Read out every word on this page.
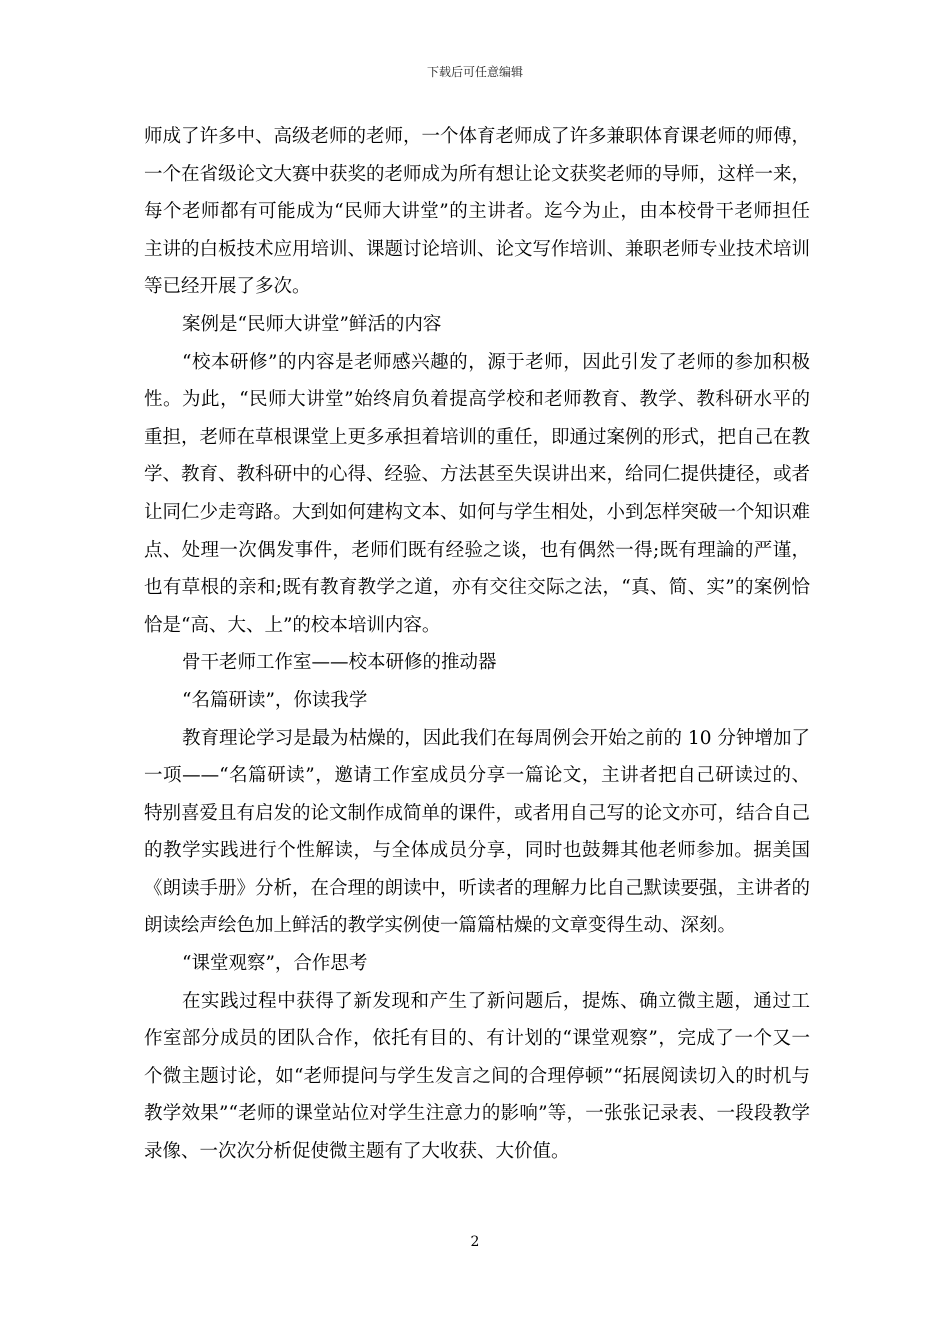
下载后可任意编辑

师成了许多中、高级老师的老师，一个体育老师成了许多兼职体育课老师的师傅，一个在省级论文大赛中获奖的老师成为所有想让论文获奖老师的导师，这样一来，每个老师都有可能成为“民师大讲堂”的主讲者。迄今为止，由本校骨干老师担任主讲的白板技术应用培训、课题讨论培训、论文写作培训、兼职老师专业技术培训等已经开展了多次。

案例是“民师大讲堂”鲜活的内容

“校本研修”的内容是老师感兴趣的，源于老师，因此引发了老师的参加积极性。为此，“民师大讲堂”始终肩负着提高学校和老师教育、教学、教科研水平的重担，老师在草根课堂上更多承担着培训的重任，即通过案例的形式，把自己在教学、教育、教科研中的心得、经验、方法甚至失误讲出来，给同仁提供捷径，或者让同仁少走弯路。大到如何建构文本、如何与学生相处，小到怎样突破一个知识难点、处理一次偶发事件，老师们既有经验之谈，也有偶然一得;既有理論的严谨，也有草根的亲和;既有教育教学之道，亦有交往交际之法，“真、简、实”的案例恰恰是“高、大、上”的校本培训内容。

骨干老师工作室——校本研修的推动器

“名篇研读”，你读我学

教育理论学习是最为枯燥的，因此我们在每周例会开始之前的 10 分钟增加了一项——“名篇研读”，邀请工作室成员分享一篇论文，主讲者把自己研读过的、特别喜爱且有启发的论文制作成简单的课件，或者用自己写的论文亦可，结合自己的教学实践进行个性解读，与全体成员分享，同时也鼓舞其他老师参加。据美国《朗读手册》分析，在合理的朗读中，听读者的理解力比自己默读要强，主讲者的朗读绘声绘色加上鲜活的教学实例使一篇篇枯燥的文章变得生动、深刻。

“课堂观察”，合作思考

在实践过程中获得了新发现和产生了新问题后，提炼、确立微主题，通过工作室部分成员的团队合作，依托有目的、有计划的“课堂观察”，完成了一个又一个微主题讨论，如“老师提问与学生发言之间的合理停顿”“拓展阅读切入的时机与教学效果”“老师的课堂站位对学生注意力的影响”等，一张张记录表、一段段教学录像、一次次分析促使微主题有了大收获、大价值。

2
